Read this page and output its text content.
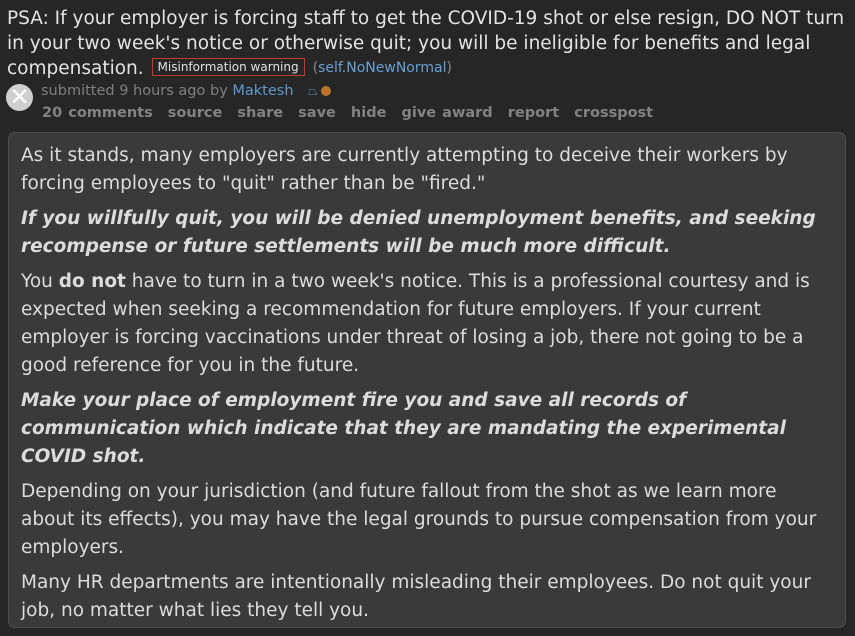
PSA: If your employer is forcing staff to get the COVID-19 shot or else resign, DO NOT turn in your two week's notice or otherwise quit; you will be ineligible for benefits and legal compensation. Misinformation warning (self.NoNewNormal)
✕ submitted 9 hours ago by Maktesh ⏢
20 comments source share save hide give award report crosspost

As it stands, many employers are currently attempting to deceive their workers by forcing employees to "quit" rather than be "fired."

If you willfully quit, you will be denied unemployment benefits, and seeking recompense or future settlements will be much more difficult.

You do not have to turn in a two week's notice. This is a professional courtesy and is expected when seeking a recommendation for future employers. If your current employer is forcing vaccinations under threat of losing a job, there not going to be a good reference for you in the future.

Make your place of employment fire you and save all records of communication which indicate that they are mandating the experimental COVID shot.

Depending on your jurisdiction (and future fallout from the shot as we learn more about its effects), you may have the legal grounds to pursue compensation from your employers.

Many HR departments are intentionally misleading their employees. Do not quit your job, no matter what lies they tell you.
